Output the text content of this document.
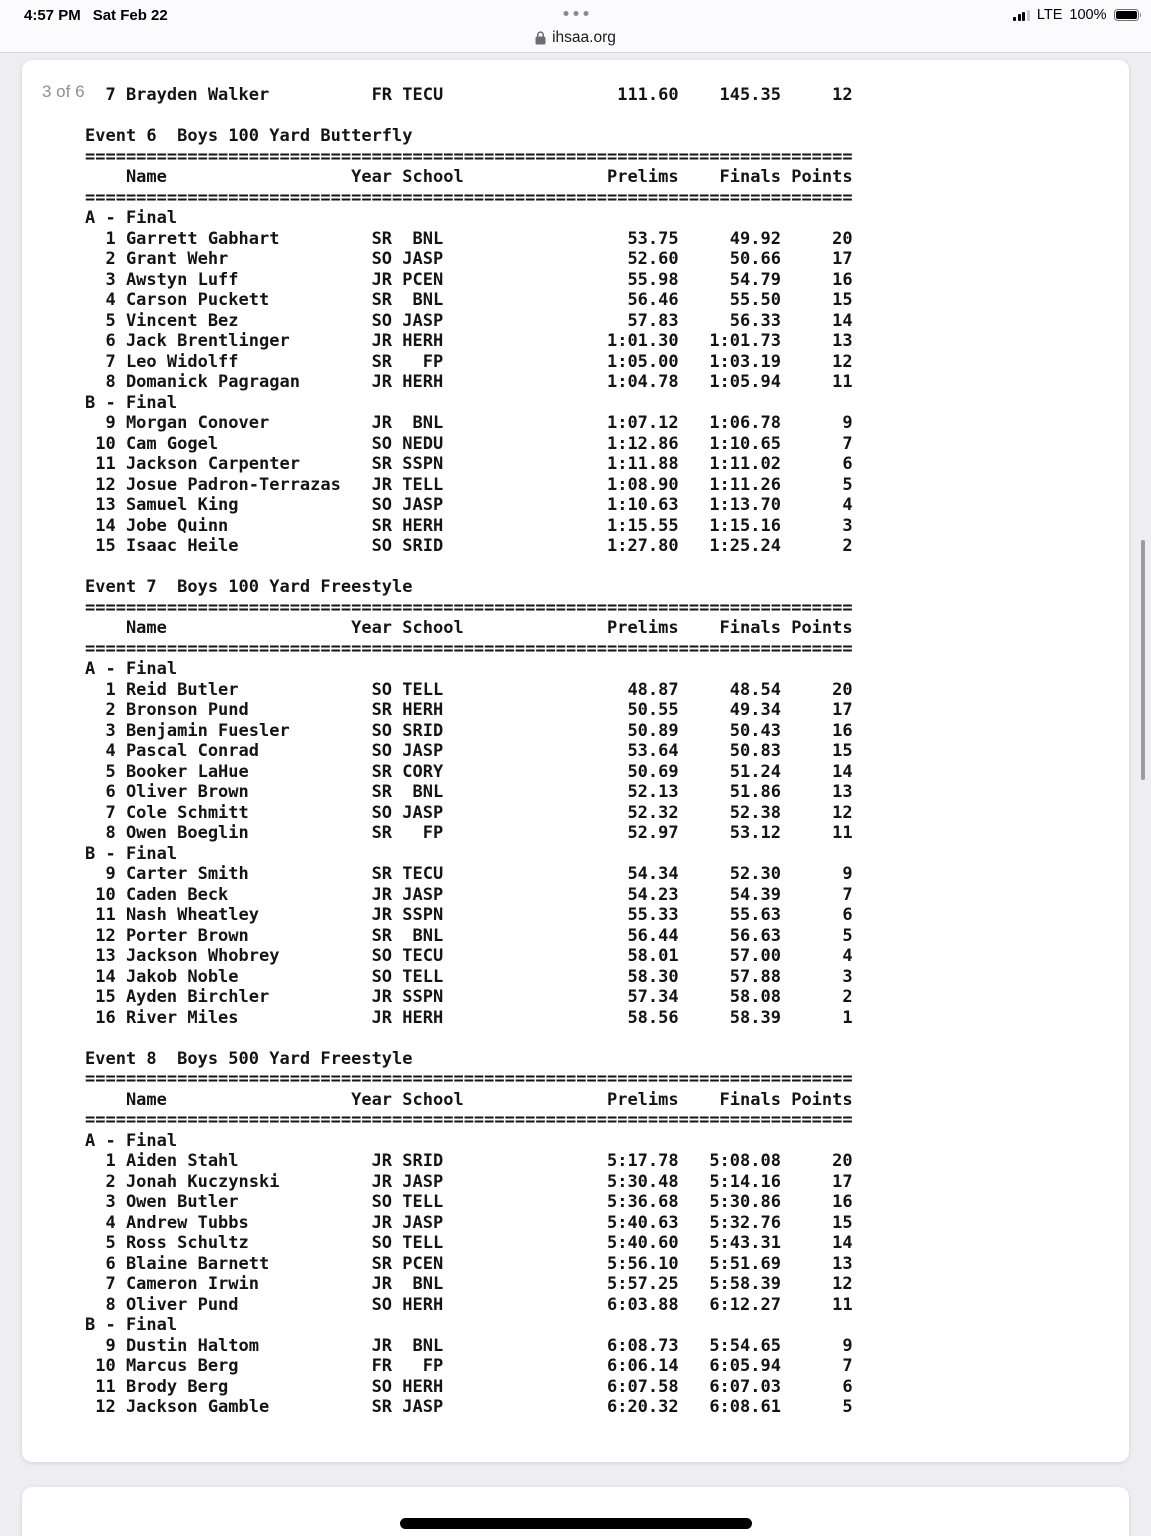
4:57 PM Sat Feb 22	LTE 100%
ihsaa.org
3 of 6 7 Brayden Walker          FR TECU                 111.60    145.35     12
Event 6  Boys 100 Yard Butterfly
===========================================================================
Name                  Year School              Prelims    Finals Points
===========================================================================
A - Final
1 Garrett Gabhart         SR  BNL                  53.75     49.92     20
2 Grant Wehr              SO JASP                  52.60     50.66     17
3 Awstyn Luff             JR PCEN                  55.98     54.79     16
4 Carson Puckett          SR  BNL                  56.46     55.50     15
5 Vincent Bez             SO JASP                  57.83     56.33     14
6 Jack Brentlinger        JR HERH                1:01.30   1:01.73     13
7 Leo Widolff             SR   FP                1:05.00   1:03.19     12
8 Domanick Pagragan       JR HERH                1:04.78   1:05.94     11
B - Final
9 Morgan Conover          JR  BNL                1:07.12   1:06.78      9
10 Cam Gogel               SO NEDU                1:12.86   1:10.65      7
11 Jackson Carpenter       SR SSPN                1:11.88   1:11.02      6
12 Josue Padron-Terrazas   JR TELL                1:08.90   1:11.26      5
13 Samuel King             SO JASP                1:10.63   1:13.70      4
14 Jobe Quinn              SR HERH                1:15.55   1:15.16      3
15 Isaac Heile             SO SRID                1:27.80   1:25.24      2
Event 7  Boys 100 Yard Freestyle
===========================================================================
Name                  Year School              Prelims    Finals Points
===========================================================================
A - Final
1 Reid Butler             SO TELL                  48.87     48.54     20
2 Bronson Pund            SR HERH                  50.55     49.34     17
3 Benjamin Fuesler        SO SRID                  50.89     50.43     16
4 Pascal Conrad           SO JASP                  53.64     50.83     15
5 Booker LaHue            SR CORY                  50.69     51.24     14
6 Oliver Brown            SR  BNL                  52.13     51.86     13
7 Cole Schmitt            SO JASP                  52.32     52.38     12
8 Owen Boeglin            SR   FP                  52.97     53.12     11
B - Final
9 Carter Smith            SR TECU                  54.34     52.30      9
10 Caden Beck              JR JASP                  54.23     54.39      7
11 Nash Wheatley           JR SSPN                  55.33     55.63      6
12 Porter Brown            SR  BNL                  56.44     56.63      5
13 Jackson Whobrey         SO TECU                  58.01     57.00      4
14 Jakob Noble             SO TELL                  58.30     57.88      3
15 Ayden Birchler          JR SSPN                  57.34     58.08      2
16 River Miles             JR HERH                  58.56     58.39      1
Event 8  Boys 500 Yard Freestyle
===========================================================================
Name                  Year School              Prelims    Finals Points
===========================================================================
A - Final
1 Aiden Stahl             JR SRID                5:17.78   5:08.08     20
2 Jonah Kuczynski         JR JASP                5:30.48   5:14.16     17
3 Owen Butler             SO TELL                5:36.68   5:30.86     16
4 Andrew Tubbs            JR JASP                5:40.63   5:32.76     15
5 Ross Schultz            SO TELL                5:40.60   5:43.31     14
6 Blaine Barnett          SR PCEN                5:56.10   5:51.69     13
7 Cameron Irwin           JR  BNL                5:57.25   5:58.39     12
8 Oliver Pund             SO HERH                6:03.88   6:12.27     11
B - Final
9 Dustin Haltom           JR  BNL                6:08.73   5:54.65      9
10 Marcus Berg             FR   FP                6:06.14   6:05.94      7
11 Brody Berg              SO HERH                6:07.58   6:07.03      6
12 Jackson Gamble          SR JASP                6:20.32   6:08.61      5
